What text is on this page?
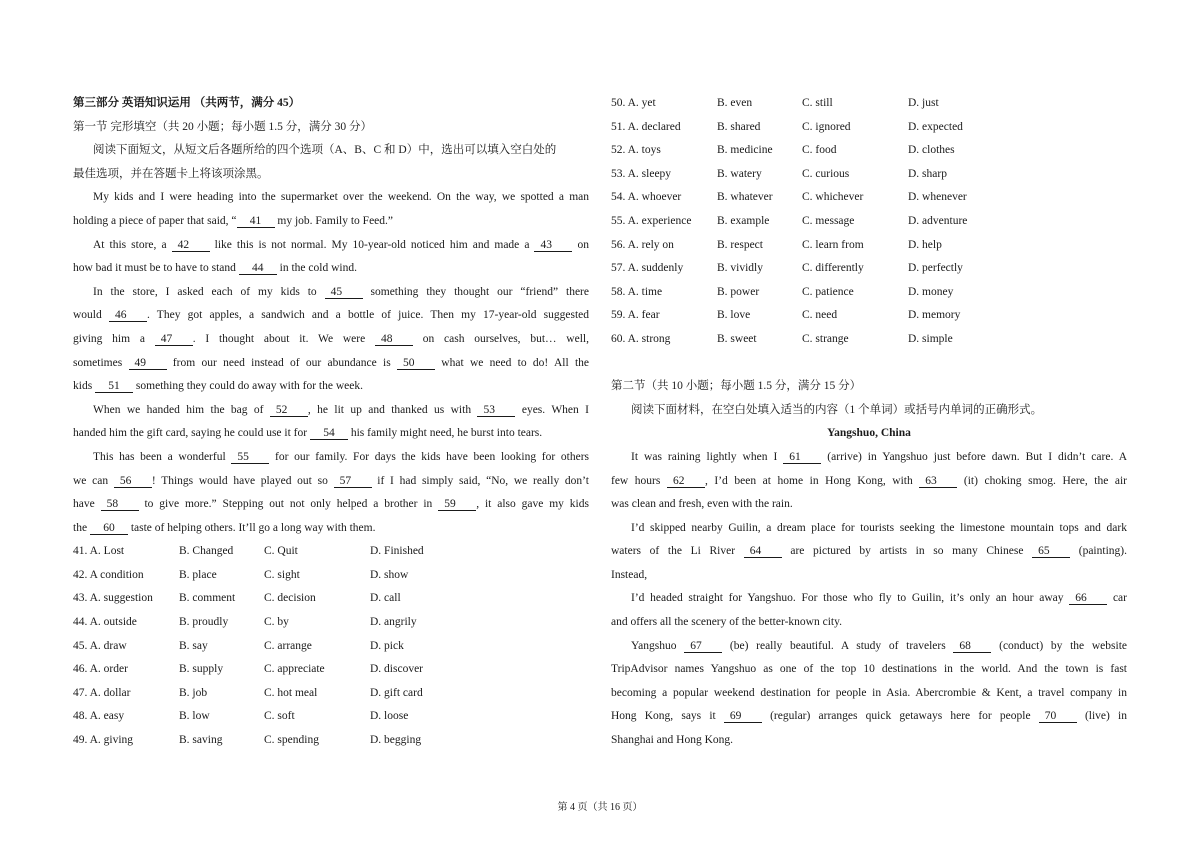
第三部分 英语知识运用 （共两节，满分 45）
第一节 完形填空（共 20 小题；每小题 1.5 分，满分 30 分）
阅读下面短文，从短文后各题所给的四个选项（A、B、C 和 D）中，选出可以填入空白处的
最佳选项，并在答题卡上将该项涂黑。
My kids and I were heading into the supermarket over the weekend. On the way, we spotted a man
holding a piece of paper that said, “ 41 my job. Family to Feed.”
At this store, a 42 like this is not normal. My 10-year-old noticed him and made a 43 on
how bad it must be to have to stand 44 in the cold wind.
In the store, I asked each of my kids to 45 something they thought our “friend” there
would 46 . They got apples, a sandwich and a bottle of juice. Then my 17-year-old suggested
giving him a 47 . I thought about it. We were 48 on cash ourselves, but… well,
sometimes 49 from our need instead of our abundance is 50 what we need to do! All the
kids 51 something they could do away with for the week.
When we handed him the bag of 52 , he lit up and thanked us with 53 eyes. When I
handed him the gift card, saying he could use it for 54 his family might need, he burst into tears.
This has been a wonderful 55 for our family. For days the kids have been looking for others
we can 56 ! Things would have played out so 57 if I had simply said, “No, we really don’t
have 58 to give more.” Stepping out not only helped a brother in 59 , it also gave my kids
the 60 taste of helping others. It’ll go a long way with them.
41. A. Lost	B. Changed	C. Quit	D. Finished
42. A condition	B. place	C. sight	D. show
43. A. suggestion B. comment	C. decision	D. call
44. A. outside	B. proudly	C. by	D. angrily
45. A. draw	B. say	C. arrange	D. pick
46. A. order	B. supply	C. appreciate	D. discover
47. A. dollar	B. job	C. hot meal	D. gift card
48. A. easy	B. low	C. soft	D. loose
49. A. giving	B. saving	C. spending	D. begging
50. A. yet	B. even	C. still	D. just
51. A. declared	B. shared	C. ignored	D. expected
52. A. toys	B. medicine	C. food	D. clothes
53. A. sleepy	B. watery	C. curious	D. sharp
54. A. whoever	B. whatever	C. whichever	D. whenever
55. A. experience B. example	C. message	D. adventure
56. A. rely on	B. respect	C. learn from	D. help
57. A. suddenly	B. vividly	C. differently	D. perfectly
58. A. time	B. power	C. patience	D. money
59. A. fear	B. love	C. need	D. memory
60. A. strong	B. sweet	C. strange	D. simple
第二节（共 10 小题；每小题 1.5 分，满分 15 分）
阅读下面材料，在空白处填入适当的内容（1 个单词）或括号内单词的正确形式。
Yangshuo, China
It was raining lightly when I 61 (arrive) in Yangshuo just before dawn. But I didn’t care. A
few hours 62 , I’d been at home in Hong Kong, with 63 (it) choking smog. Here, the air
was clean and fresh, even with the rain.
I’d skipped nearby Guilin, a dream place for tourists seeking the limestone mountain tops and dark
waters of the Li River 64 are pictured by artists in so many Chinese 65 (painting).
Instead,
I’d headed straight for Yangshuo. For those who fly to Guilin, it’s only an hour away 66 car
and offers all the scenery of the better-known city.
Yangshuo 67 (be) really beautiful. A study of travelers 68 (conduct) by the website
TripAdvisor names Yangshuo as one of the top 10 destinations in the world. And the town is fast
becoming a popular weekend destination for people in Asia. Abercrombie & Kent, a travel company in
Hong Kong, says it 69 (regular) arranges quick getaways here for people 70 (live) in
Shanghai and Hong Kong.
第 4 页（共 16 页）
